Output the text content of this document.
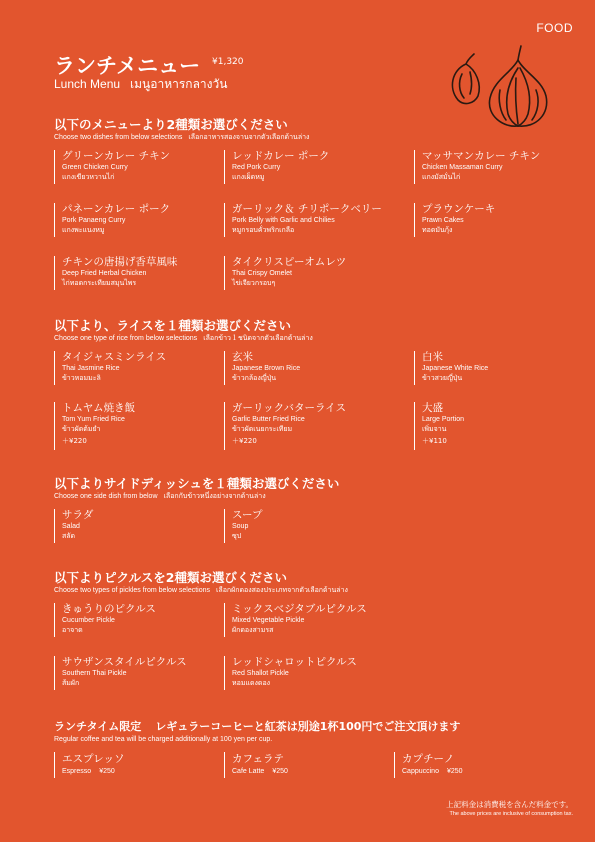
FOOD
ランチメニュー ¥1,320
Lunch Menu เมนูอาหารกลางวัน
以下のメニューより2種類お選びください
Choose two dishes from below selections เลือกอาหารสองจานจากตัวเลือกด้านล่าง
グリーンカレー チキン
Green Chicken Curry
แกงเขียวหวานไก่
レッドカレー ポーク
Red Pork Curry
แกงเผ็ดหมู
マッサマンカレー チキン
Chicken Massaman Curry
แกงมัสมั่นไก่
パネーンカレー ポーク
Pork Panaeng Curry
แกงพะแนงหมู
ガーリック＆ チリポークベリー
Pork Belly with Garlic and Chilies
หมูกรอบคั่วพริกเกลือ
プラウンケーキ
Prawn Cakes
ทอดมันกุ้ง
チキンの唐揚げ香草風味
Deep Fried Herbal Chicken
ไก่ทอดกระเทียมสมุนไพร
タイクリスピーオムレツ
Thai Crispy Omelet
ไข่เจียวกรอบๆ
以下より、ライスを１種類お選びください
Choose one type of rice from below selections เลือกข้าว１ชนิดจากตัวเลือกด้านล่าง
タイジャスミンライス
Thai Jasmine Rice
ข้าวหอมมะลิ
玄米
Japanese Brown Rice
ข้าวกล้องญี่ปุ่น
白米
Japanese White Rice
ข้าวสวยญี่ปุ่น
トムヤム焼き飯
Tom Yum Fried Rice
ข้าวผัดต้มยำ
＋¥220
ガーリックバターライス
Garlic Butter Fried Rice
ข้าวผัดเนยกระเทียม
＋¥220
大盛
Large Portion
เพิ่มจาน
＋¥110
以下よりサイドディッシュを１種類お選びください
Choose one side dish from below เลือกกับข้าวหนึ่งอย่างจากด้านล่าง
サラダ
Salad
สลัด
スープ
Soup
ซุป
以下よりピクルスを2種類お選びください
Choose two types of pickles from below selections เลือกผักดองสองประเภทจากตัวเลือกด้านล่าง
きゅうりのピクルス
Cucumber Pickle
อาจาด
ミックスベジタブルピクルス
Mixed Vegetable Pickle
ผักดองสามรส
サウザンスタイルピクルス
Southern Thai Pickle
ส้มผัก
レッドシャロットピクルス
Red Shallot Pickle
หอมแดงดอง
ランチタイム限定 レギュラーコーヒーと紅茶は別途1杯100円でご注文頂けます
Regular coffee and tea will be charged additionally at 100 yen per cup.
エスプレッソ
Espresso ¥250
カフェラテ
Cafe Latte ¥250
カプチーノ
Cappuccino ¥250
上記料金は消費税を含んだ料金です。
The above prices are inclusive of consumption tax.
